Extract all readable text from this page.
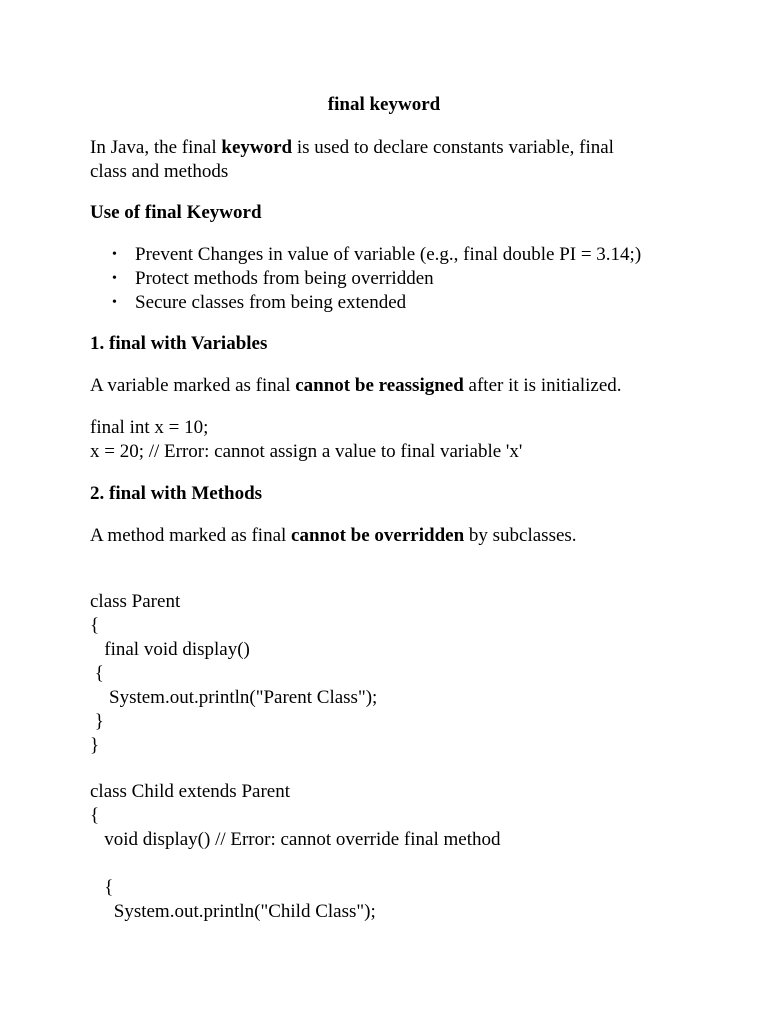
final keyword
In Java, the final keyword is used to declare constants variable, final
class and methods
Use of final Keyword
• Prevent Changes in value of variable (e.g., final double PI = 3.14;)
• Protect methods from being overridden
• Secure classes from being extended
1. final with Variables
A variable marked as final cannot be reassigned after it is initialized.
final int x = 10;
x = 20; // Error: cannot assign a value to final variable 'x'
2. final with Methods
A method marked as final cannot be overridden by subclasses.
class Parent
{
final void display()
{
System.out.println("Parent Class");
}
}
class Child extends Parent
{
void display() // Error: cannot override final method
{
System.out.println("Child Class");
